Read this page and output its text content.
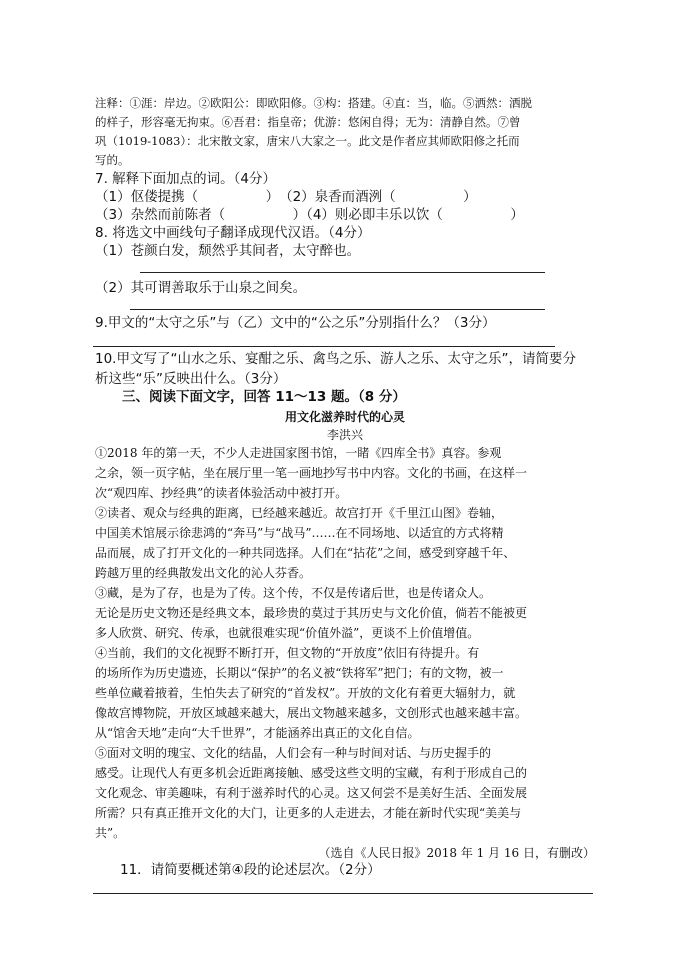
注释：①涯：岸边。②欧阳公：即欧阳修。③构：搭建。④直：当，临。⑤洒然：洒脱
的样子，形容毫无拘束。⑥吾君：指皇帝；优游：悠闲自得；无为：清静自然。⑦曾
巩（1019-1083）：北宋散文家，唐宋八大家之一。此文是作者应其师欧阳修之托而
写的。
7. 解释下面加点的词。（4分）
（1）伛偻提携（　　　　　）　（2）泉香而酒洌（　　　　　）
（3）杂然而前陈者（　　　　　）（4）则必即丰乐以饮（　　　　　）
8. 将选文中画线句子翻译成现代汉语。（4分）
（1）苍颜白发，颓然乎其间者，太守醉也。
（2）其可谓善取乐于山泉之间矣。
9.甲文的“太守之乐”与（乙）文中的“公之乐”分别指什么？（3分）
10.甲文写了“山水之乐、宴酣之乐、禽鸟之乐、游人之乐、太守之乐”，请简要分
析这些“乐”反映出什么。（3分）
三、阅读下面文字，回答 11～13 题。（8 分）
用文化滋养时代的心灵
李洪兴
①2018 年的第一天，不少人走进国家图书馆，一睹《四库全书》真容。参观
之余，领一页字帖，坐在展厅里一笔一画地抄写书中内容。文化的书画，在这样一
次“观四库、抄经典”的读者体验活动中被打开。
②读者、观众与经典的距离，已经越来越近。故宫打开《千里江山图》卷轴，
中国美术馆展示徐悲鸿的“奔马”与“战马”……在不同场地、以适宜的方式将精
品而展，成了打开文化的一种共同选择。人们在“拈花”之间，感受到穿越千年、
跨越万里的经典散发出文化的沁人芬香。
③藏，是为了存，也是为了传。这个传，不仅是传诸后世，也是传诸众人。
无论是历史文物还是经典文本，最珍贵的莫过于其历史与文化价值，倘若不能被更
多人欣赏、研究、传承，也就很难实现“价值外溢”，更谈不上价值增值。
④当前，我们的文化视野不断打开，但文物的“开放度”依旧有待提升。有
的场所作为历史遗迹，长期以“保护”的名义被“铁将军”把门；有的文物，被一
些单位藏着掖着，生怕失去了研究的“首发权”。开放的文化有着更大辐射力，就
像故宫博物院，开放区域越来越大，展出文物越来越多，文创形式也越来越丰富。
从“馆舍天地”走向“大千世界”，才能涵养出真正的文化自信。
⑤面对文明的瑰宝、文化的结晶，人们会有一种与时间对话、与历史握手的
感受。让现代人有更多机会近距离接触、感受这些文明的宝藏，有利于形成自己的
文化观念、审美趣味，有利于滋养时代的心灵。这又何尝不是美好生活、全面发展
所需？只有真正推开文化的大门，让更多的人走进去，才能在新时代实现“美美与
共”。
（选自《人民日报》2018 年 1 月 16 日，有删改）
11．请简要概述第④段的论述层次。（2分）
